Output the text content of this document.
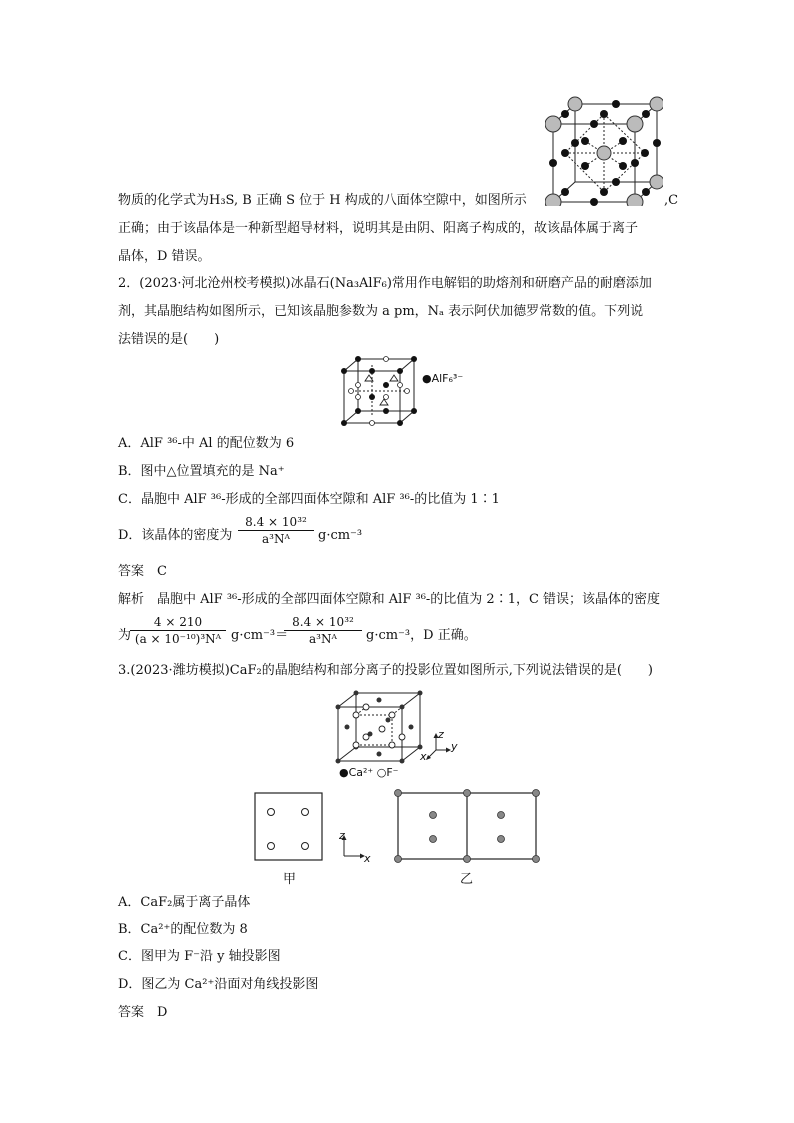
物质的化学式为H₃S, B 正确 S 位于 H 构成的八面体空隙中，如图所示	,C
正确；由于该晶体是一种新型超导材料，说明其是由阴、阳离子构成的，故该晶体属于离子
晶体，D 错误。
2．(2023·河北沧州校考模拟)冰晶石(Na₃AlF₆)常用作电解铝的助熔剂和研磨产品的耐磨添加
剂，其晶胞结构如图所示，已知该晶胞参数为 a pm，Nₐ 表示阿伏加德罗常数的值。下列说
法错误的是(　　)
●AlF₆³⁻
A．AlF ³⁶-中 Al 的配位数为 6
B．图中△位置填充的是 Na⁺
C．晶胞中 AlF ³⁶-形成的全部四面体空隙和 AlF ³⁶-的比值为 1∶1
D．该晶体的密度为 $\frac{\text{8.4 × 10³²}}{\text{a³Nᴬ}} g\cdot cm^{-3}$
答案　C
解析　晶胞中 AlF ³⁶-形成的全部四面体空隙和 AlF ³⁶-的比值为 2∶1，C 错误；该晶体的密度
为
$\frac{4 \times 210}{\text{(a × 10⁻¹⁰)³Nᴬ}} g\cdot cm^{-3}=$
$\frac{\text{8.4 × 10³²}}{\text{a³Nᴬ}} g\cdot cm^{-3}$，D 正确。
3.(2023·潍坊模拟)CaF₂的晶胞结构和部分离子的投影位置如图所示,下列说法错误的是(　　)
z
y
x
●Ca²⁺ ○F⁻
甲
z
x
乙
A．CaF₂属于离子晶体
B．Ca²⁺的配位数为 8
C．图甲为 F⁻沿 y 轴投影图
D．图乙为 Ca²⁺沿面对角线投影图
答案　D
